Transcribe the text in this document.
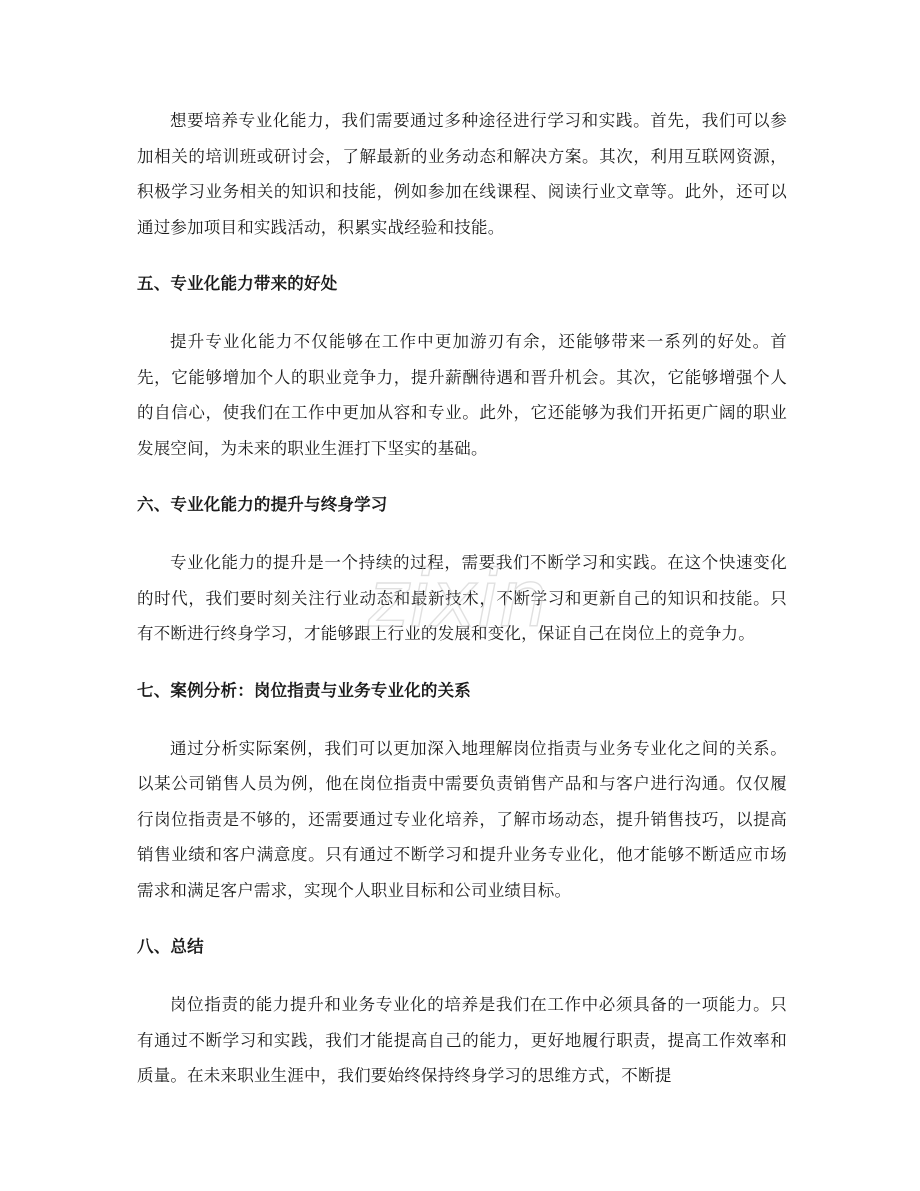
想要培养专业化能力，我们需要通过多种途径进行学习和实践。首先，我们可以参加相关的培训班或研讨会，了解最新的业务动态和解决方案。其次，利用互联网资源，积极学习业务相关的知识和技能，例如参加在线课程、阅读行业文章等。此外，还可以通过参加项目和实践活动，积累实战经验和技能。

五、专业化能力带来的好处

提升专业化能力不仅能够在工作中更加游刃有余，还能够带来一系列的好处。首先，它能够增加个人的职业竞争力，提升薪酬待遇和晋升机会。其次，它能够增强个人的自信心，使我们在工作中更加从容和专业。此外，它还能够为我们开拓更广阔的职业发展空间，为未来的职业生涯打下坚实的基础。

六、专业化能力的提升与终身学习

专业化能力的提升是一个持续的过程，需要我们不断学习和实践。在这个快速变化的时代，我们要时刻关注行业动态和最新技术，不断学习和更新自己的知识和技能。只有不断进行终身学习，才能够跟上行业的发展和变化，保证自己在岗位上的竞争力。

七、案例分析：岗位指责与业务专业化的关系

通过分析实际案例，我们可以更加深入地理解岗位指责与业务专业化之间的关系。以某公司销售人员为例，他在岗位指责中需要负责销售产品和与客户进行沟通。仅仅履行岗位指责是不够的，还需要通过专业化培养，了解市场动态，提升销售技巧，以提高销售业绩和客户满意度。只有通过不断学习和提升业务专业化，他才能够不断适应市场需求和满足客户需求，实现个人职业目标和公司业绩目标。

八、总结

岗位指责的能力提升和业务专业化的培养是我们在工作中必须具备的一项能力。只有通过不断学习和实践，我们才能提高自己的能力，更好地履行职责，提高工作效率和质量。在未来职业生涯中，我们要始终保持终身学习的思维方式，不断提

zixin
